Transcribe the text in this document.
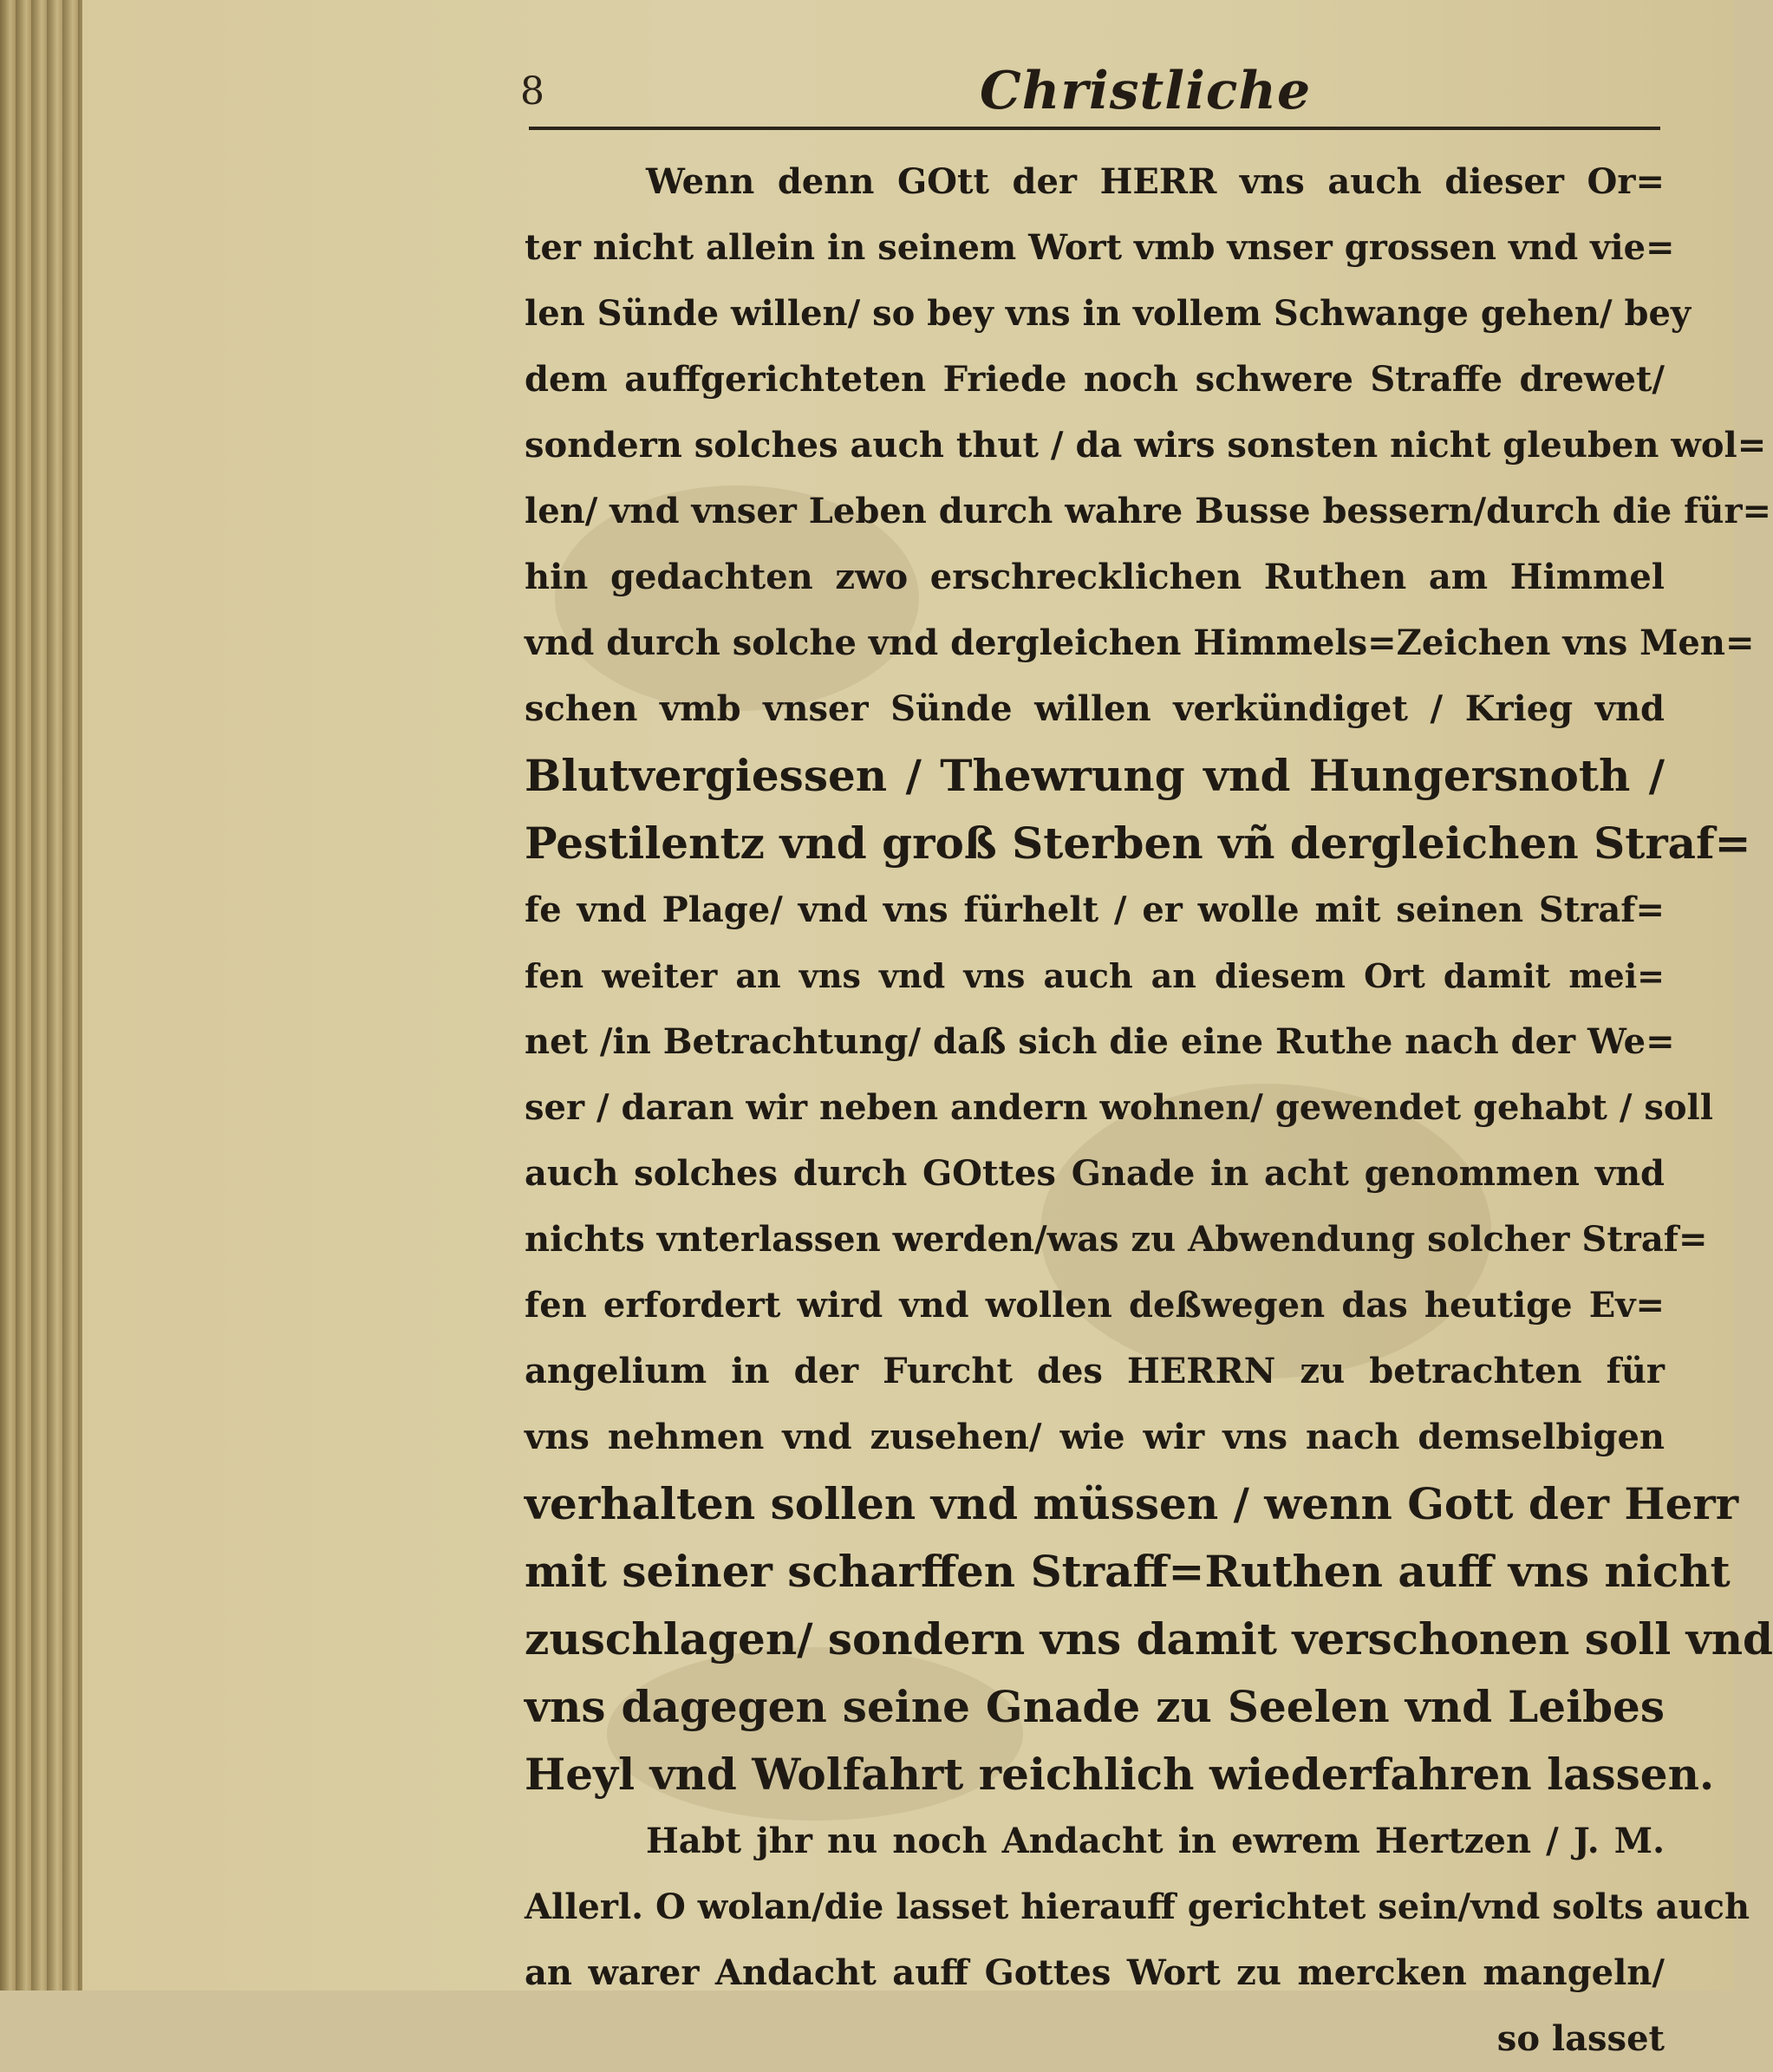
8	Christliche
Wenn denn GOtt der HERR vns auch dieser Or=
ter nicht allein in seinem Wort vmb vnser grossen vnd vie=
len Sünde willen/ so bey vns in vollem Schwange gehen/ bey
dem auffgerichteten Friede noch schwere Straffe drewet/
sondern solches auch thut / da wirs sonsten nicht gleuben wol=
len/ vnd vnser Leben durch wahre Busse bessern/durch die für=
hin gedachten zwo erschrecklichen Ruthen am Himmel
vnd durch solche vnd dergleichen Himmels=Zeichen vns Men=
schen vmb vnser Sünde willen verkündiget / Krieg vnd
Blutvergiessen / Thewrung vnd Hungersnoth /
Pestilentz vnd groß Sterben vñ dergleichen Straf=
fe vnd Plage/ vnd vns fürhelt / er wolle mit seinen Straf=
fen weiter an vns vnd vns auch an diesem Ort damit mei=
net /in Betrachtung/ daß sich die eine Ruthe nach der We=
ser / daran wir neben andern wohnen/ gewendet gehabt / soll
auch solches durch GOttes Gnade in acht genommen vnd
nichts vnterlassen werden/was zu Abwendung solcher Straf=
fen erfordert wird vnd wollen deßwegen das heutige Ev=
angelium in der Furcht des HERRN zu betrachten für
vns nehmen vnd zusehen/ wie wir vns nach demselbigen
verhalten sollen vnd müssen / wenn Gott der Herr
mit seiner scharffen Straff=Ruthen auff vns nicht
zuschlagen/ sondern vns damit verschonen soll vnd
vns dagegen seine Gnade zu Seelen vnd Leibes
Heyl vnd Wolfahrt reichlich wiederfahren lassen.
Habt jhr nu noch Andacht in ewrem Hertzen / J. M.
Allerl. O wolan/die lasset hierauff gerichtet sein/vnd solts auch
an warer Andacht auff Gottes Wort zu mercken mangeln/
so lasset
